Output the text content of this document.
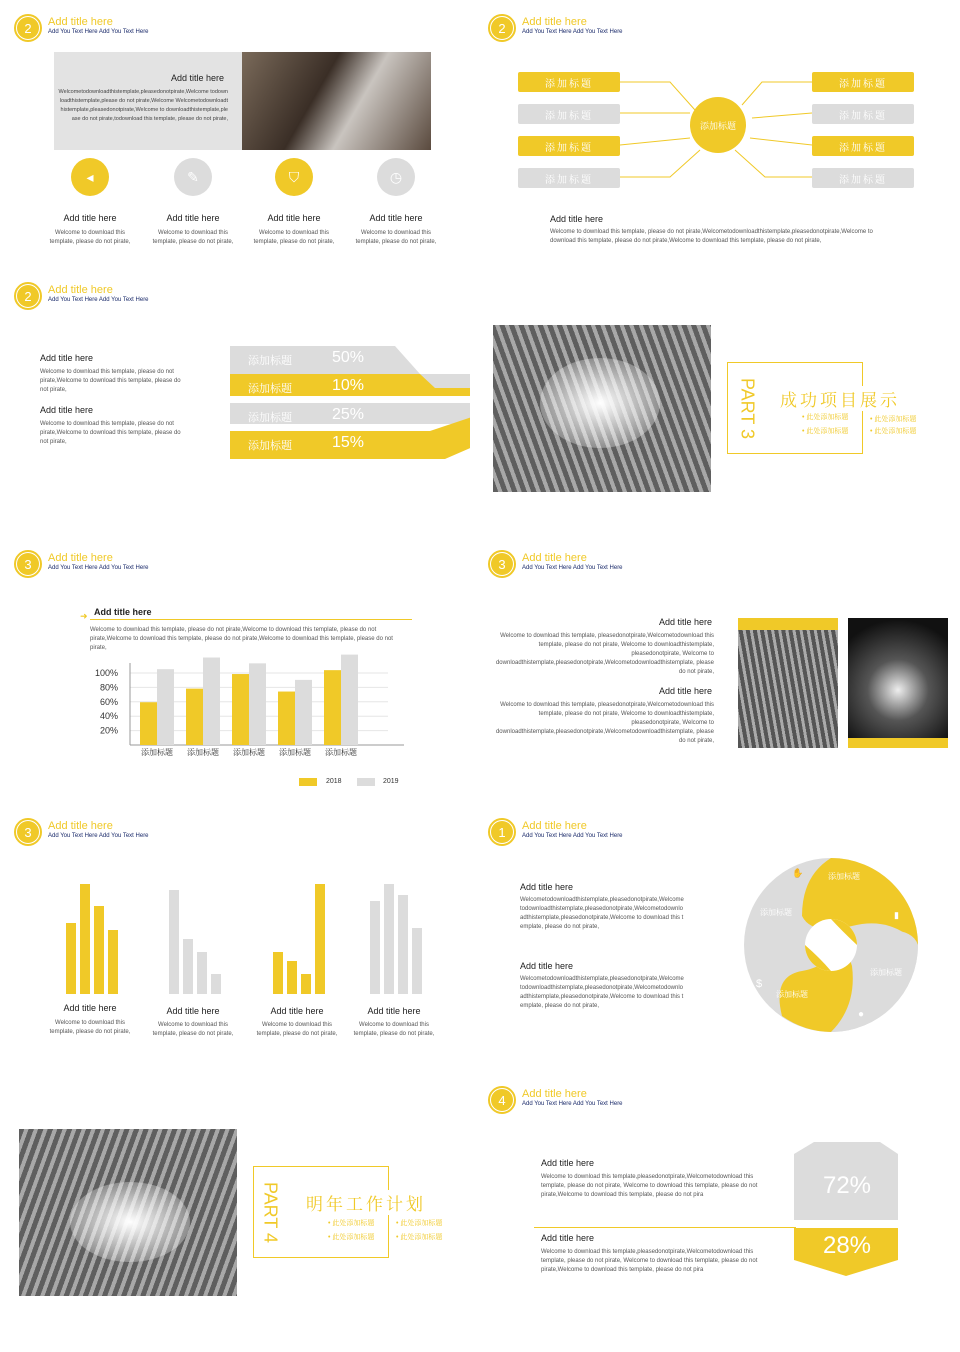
2	Add title here
Add You Text Here Add You Text Here
Add title here
Welcometodownloadthistemplate,pleasedonotpirate,Welcome todownloadthistemplate,please do not pirate,Welcome Welcometodownloadthistemplate,pleasedonotpirate,Welcome to downloadthistemplate,please do not pirate,todownload this template, please do not pirate,
◂
Add title here
Welcome to download this template, please do not pirate,
✎
Add title here
Welcome to download this template, please do not pirate,
⛉
Add title here
Welcome to download this template, please do not pirate,
◷
Add title here
Welcome to download this template, please do not pirate,
2	Add title here
Add You Text Here Add You Text Here
添加标题
添加标题
添加标题
添加标题
添加标题
添加标题
添加标题
添加标题
添加标题
Add title here
Welcome to download this template, please do not pirate,Welcometodownloadthistemplate,pleasedonotpirate,Welcome to download this template, please do not pirate,Welcome to download this template, please do not pirate,
2	Add title here
Add You Text Here Add You Text Here
Add title here
Welcome to download this template, please do not pirate,Welcome to download this template, please do not pirate,
Add title here
Welcome to download this template, please do not pirate,Welcome to download this template, please do not pirate,
添加标题	50%
添加标题	10%
添加标题	25%
添加标题	15%
PART 3 成功项目展示
• 此处添加标题
• 此处添加标题
• 此处添加标题
• 此处添加标题
3	Add title here
Add You Text Here Add You Text Here
➜ Add title here
Welcome to download this template, please do not pirate,Welcome to download this template, please do not pirate,Welcome to download this template, please do not pirate,Welcome to download this template, please do not pirate,
100%
80%
60%
40%
20%
添加标题 添加标题 添加标题 添加标题 添加标题
2018	2019
3	Add title here
Add You Text Here Add You Text Here
Add title here
Welcome to download this template, pleasedonotpirate,Welcometodownload this template, please do not pirate, Welcome to downloadthistemplate, pleasedonotpirate, Welcome to downloadthistemplate,pleasedonotpirate,Welcometodownloadthistemplate, please do not pirate,
Add title here
Welcome to download this template, pleasedonotpirate,Welcometodownload this template, please do not pirate, Welcome to downloadthistemplate, pleasedonotpirate, Welcome to downloadthistemplate,pleasedonotpirate,Welcometodownloadthistemplate, please do not pirate,
3	Add title here
Add You Text Here Add You Text Here
Add title here
Welcome to download this template, please do not pirate,
Add title here
Welcome to download this template, please do not pirate,
Add title here
Welcome to download this template, please do not pirate,
Add title here
Welcome to download this template, please do not pirate,
1	Add title here
Add You Text Here Add You Text Here
Add title here
Welcometodownloadthistemplate,pleasedonotpirate,Welcometodownloadthistemplate,pleasedonotpirate,Welcometodownloadthistemplate,pleasedonotpirate,Welcome to download this template, please do not pirate,
Add title here
Welcometodownloadthistemplate,pleasedonotpirate,Welcometodownloadthistemplate,pleasedonotpirate,Welcometodownloadthistemplate,pleasedonotpirate,Welcome to download this template, please do not pirate,
添加标题
添加标题
添加标题
添加标题
✋
▮
$
●
PART 4 明年工作计划
• 此处添加标题
• 此处添加标题
• 此处添加标题
• 此处添加标题
4	Add title here
Add You Text Here Add You Text Here
Add title here
Welcome to download this template,pleasedonotpirate,Welcometodownload this template, please do not pirate, Welcome to download this template, please do not pirate,Welcome to download this template, please do not pira
Add title here
Welcome to download this template,pleasedonotpirate,Welcometodownload this template, please do not pirate, Welcome to download this template, please do not pirate,Welcome to download this template, please do not pira
72%
28%
